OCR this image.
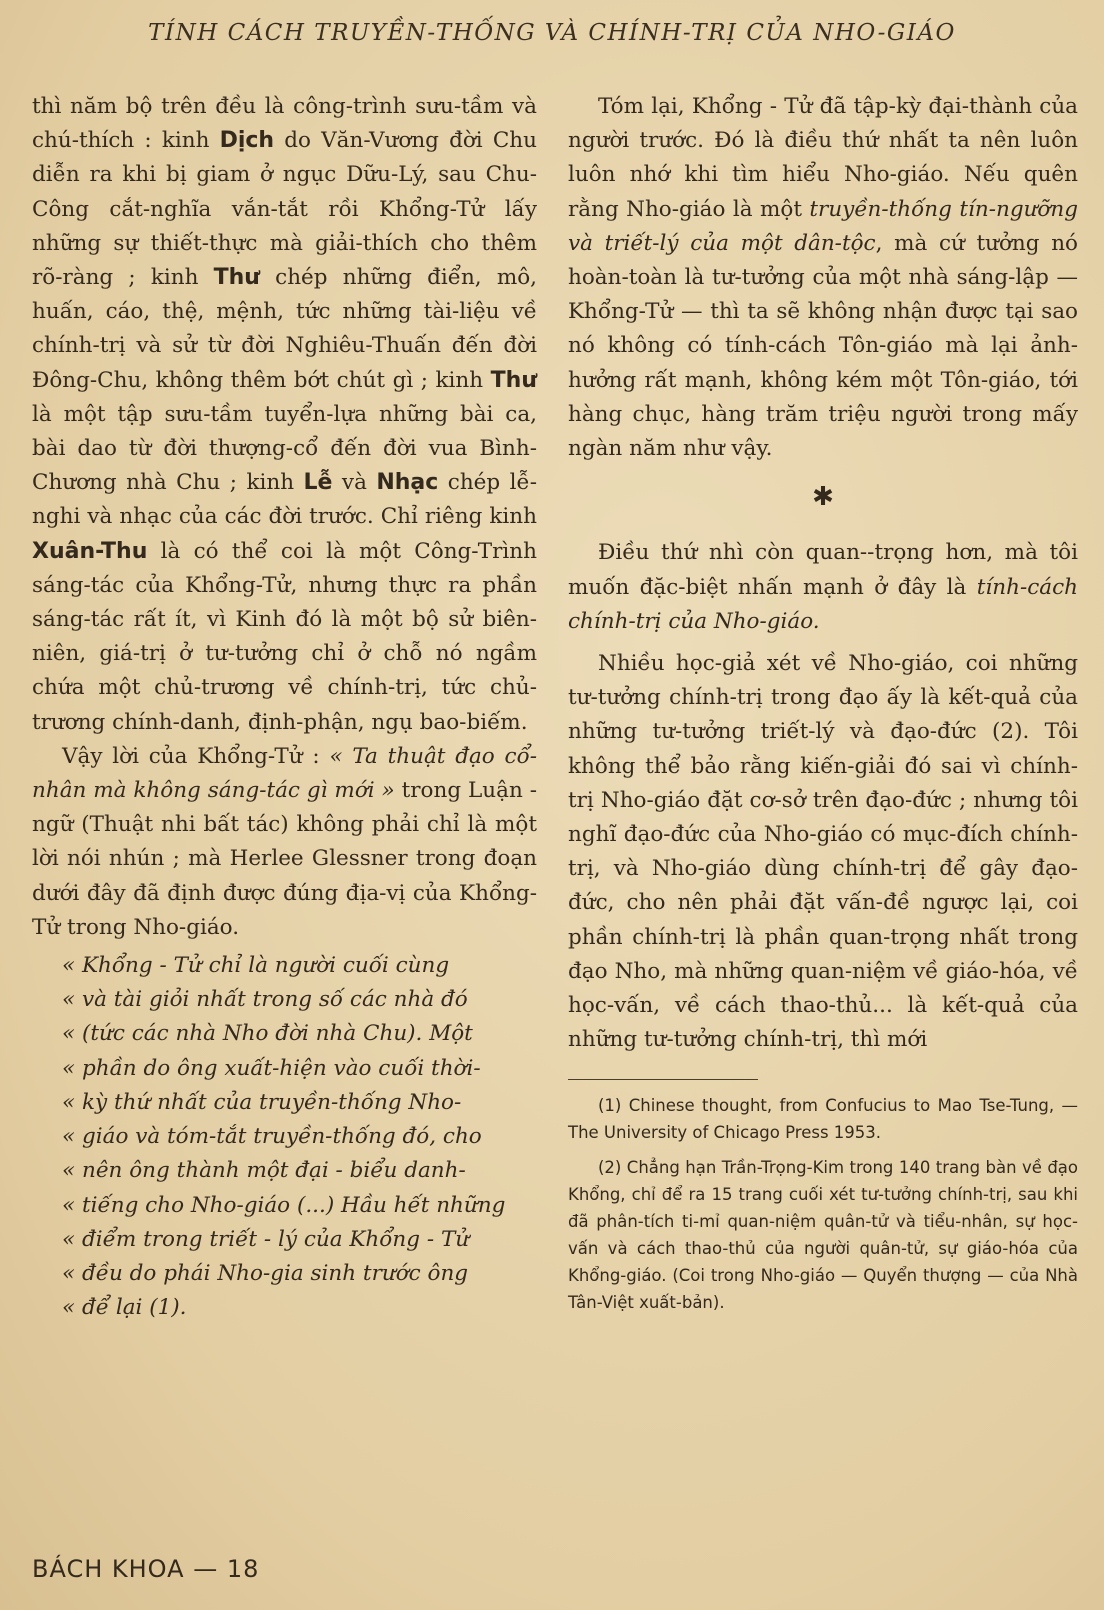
TÍNH CÁCH TRUYỀN-THỐNG VÀ CHÍNH-TRỊ CỦA NHO-GIÁO

thì năm bộ trên đều là công-trình sưu-tầm và chú-thích : kinh Dịch do Văn-Vương đời Chu diễn ra khi bị giam ở ngục Dữu-Lý, sau Chu-Công cắt-nghĩa vắn-tắt rồi Khổng-Tử lấy những sự thiết-thực mà giải-thích cho thêm rõ-ràng ; kinh Thư chép những điển, mô, huấn, cáo, thệ, mệnh, tức những tài-liệu về chính-trị và sử từ đời Nghiêu-Thuấn đến đời Đông-Chu, không thêm bớt chút gì ; kinh Thư là một tập sưu-tầm tuyển-lựa những bài ca, bài dao từ đời thượng-cổ đến đời vua Bình-Chương nhà Chu ; kinh Lễ và Nhạc chép lễ-nghi và nhạc của các đời trước. Chỉ riêng kinh Xuân-Thu là có thể coi là một Công-Trình sáng-tác của Khổng-Tử, nhưng thực ra phần sáng-tác rất ít, vì Kinh đó là một bộ sử biên-niên, giá-trị ở tư-tưởng chỉ ở chỗ nó ngầm chứa một chủ-trương về chính-trị, tức chủ-trương chính-danh, định-phận, ngụ bao-biếm.

Vậy lời của Khổng-Tử : « Ta thuật đạo cổ-nhân mà không sáng-tác gì mới » trong Luận - ngữ (Thuật nhi bất tác) không phải chỉ là một lời nói nhún ; mà Herlee Glessner trong đoạn dưới đây đã định được đúng địa-vị của Khổng-Tử trong Nho-giáo.

« Khổng - Tử chỉ là người cuối cùng
« và tài giỏi nhất trong số các nhà đó
« (tức các nhà Nho đời nhà Chu). Một
« phần do ông xuất-hiện vào cuối thời-
« kỳ thứ nhất của truyền-thống Nho-
« giáo và tóm-tắt truyền-thống đó, cho
« nên ông thành một đại - biểu danh-
« tiếng cho Nho-giáo (...) Hầu hết những
« điểm trong triết - lý của Khổng - Tử
« đều do phái Nho-gia sinh trước ông
« để lại (1).

Tóm lại, Khổng - Tử đã tập-kỳ đại-thành của người trước. Đó là điều thứ nhất ta nên luôn luôn nhớ khi tìm hiểu Nho-giáo. Nếu quên rằng Nho-giáo là một truyền-thống tín-ngưỡng và triết-lý của một dân-tộc, mà cứ tưởng nó hoàn-toàn là tư-tưởng của một nhà sáng-lập — Khổng-Tử — thì ta sẽ không nhận được tại sao nó không có tính-cách Tôn-giáo mà lại ảnh-hưởng rất mạnh, không kém một Tôn-giáo, tới hàng chục, hàng trăm triệu người trong mấy ngàn năm như vậy.

✱

Điều thứ nhì còn quan--trọng hơn, mà tôi muốn đặc-biệt nhấn mạnh ở đây là tính-cách chính-trị của Nho-giáo.

Nhiều học-giả xét về Nho-giáo, coi những tư-tưởng chính-trị trong đạo ấy là kết-quả của những tư-tưởng triết-lý và đạo-đức (2). Tôi không thể bảo rằng kiến-giải đó sai vì chính-trị Nho-giáo đặt cơ-sở trên đạo-đức ; nhưng tôi nghĩ đạo-đức của Nho-giáo có mục-đích chính-trị, và Nho-giáo dùng chính-trị để gây đạo-đức, cho nên phải đặt vấn-đề ngược lại, coi phần chính-trị là phần quan-trọng nhất trong đạo Nho, mà những quan-niệm về giáo-hóa, về học-vấn, về cách thao-thủ... là kết-quả của những tư-tưởng chính-trị, thì mới

(1) Chinese thought, from Confucius to Mao Tse-Tung, — The University of Chicago Press 1953.

(2) Chẳng hạn Trần-Trọng-Kim trong 140 trang bàn về đạo Khổng, chỉ để ra 15 trang cuối xét tư-tưởng chính-trị, sau khi đã phân-tích ti-mỉ quan-niệm quân-tử và tiểu-nhân, sự học-vấn và cách thao-thủ của người quân-tử, sự giáo-hóa của Khổng-giáo. (Coi trong Nho-giáo — Quyển thượng — của Nhà Tân-Việt xuất-bản).

BÁCH KHOA — 18
